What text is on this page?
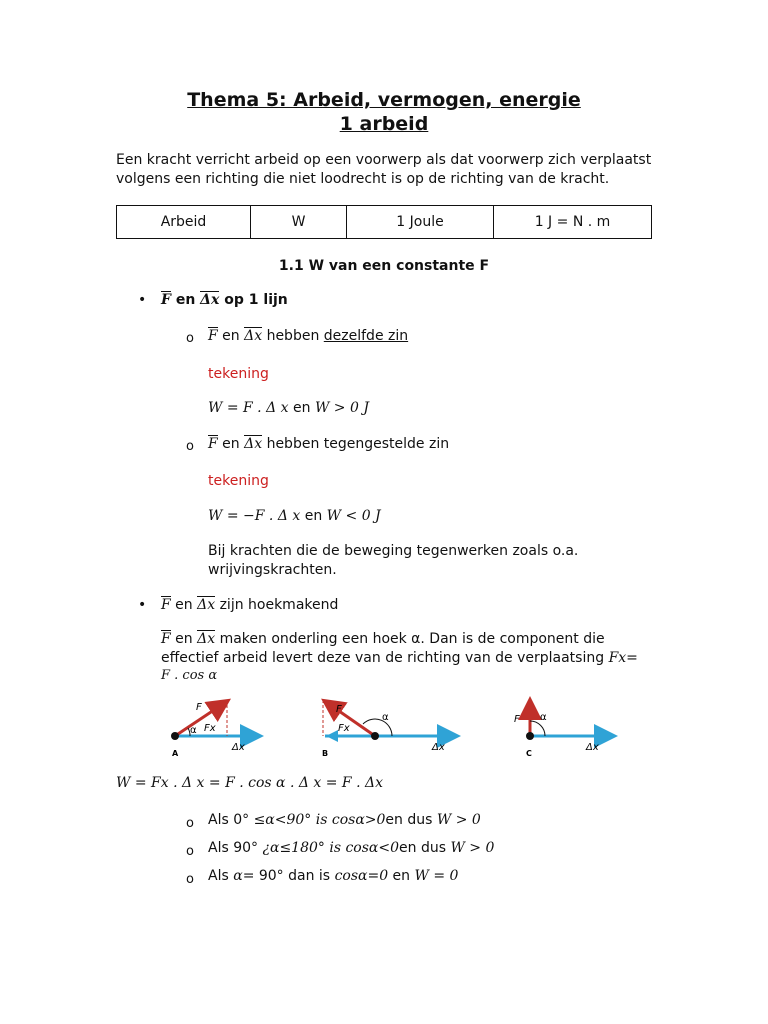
Thema 5: Arbeid, vermogen, energie
1 arbeid
Een kracht verricht arbeid op een voorwerp als dat voorwerp zich verplaatst
volgens een richting die niet loodrecht is op de richting van de kracht.
Arbeid	W	1 Joule	1 J = N . m
1.1 W van een constante F
• F en Δx op 1 lijn
o F en Δx hebben dezelfde zin
tekening
W = F . Δ x en W > 0 J
o F en Δx hebben tegengestelde zin
tekening
W = −F . Δ x en W < 0 J
Bij krachten die de beweging tegenwerken zoals o.a.
wrijvingskrachten.
• F en Δx zijn hoekmakend
F en Δx maken onderling een hoek α. Dan is de component die
effectief arbeid levert deze van de richting van de verplaatsing Fx=
F . cos α
F
Fx
α
Δx
A
F
Fx
α
Δx
B
F α
Δx
C
W = Fx . Δ x = F . cos α . Δ x = F . Δx
o Als 0° ≤α<90° is cosα>0en dus W > 0
o Als 90° ¿α≤180° is cosα<0en dus W > 0
o Als α= 90° dan is cosα=0 en W = 0
